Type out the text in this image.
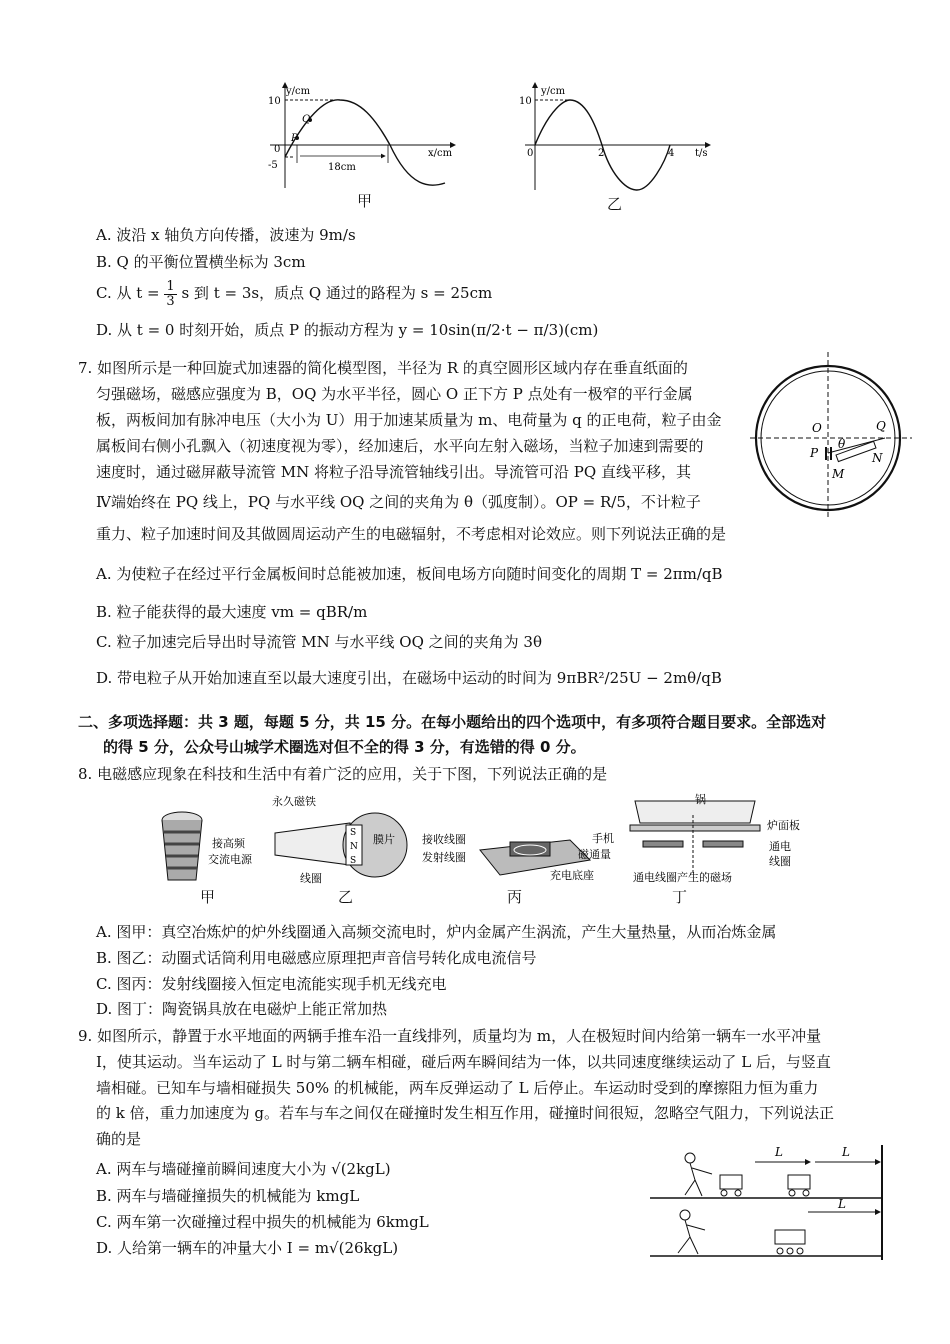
y/cm
x/cm
10
0
-5
P
Q
18cm
甲
y/cm
t/s
10
0	2	4
乙
A. 波沿 x 轴负方向传播，波速为 9m/s
B. Q 的平衡位置横坐标为 3cm
C. 从 $t = \frac{1}{3}$ s 到 t = 3s，质点 Q 通过的路程为 s = 25cm
D. 从 t = 0 时刻开始，质点 P 的振动方程为 y = 10sin(π/2·t − π/3)(cm)
7. 如图所示是一种回旋式加速器的简化模型图，半径为 R 的真空圆形区域内存在垂直纸面的
匀强磁场，磁感应强度为 B，OQ 为水平半径，圆心 O 正下方 P 点处有一极窄的平行金属
板，两板间加有脉冲电压（大小为 U）用于加速某质量为 m、电荷量为 q 的正电荷，粒子由金
属板间右侧小孔飘入（初速度视为零），经加速后，水平向左射入磁场，当粒子加速到需要的
速度时，通过磁屏蔽导流管 MN 将粒子沿导流管轴线引出。导流管可沿 PQ 直线平移，其
Ⅳ端始终在 PQ 线上，PQ 与水平线 OQ 之间的夹角为 θ（弧度制）。OP = R/5，不计粒子
重力、粒子加速时间及其做圆周运动产生的电磁辐射，不考虑相对论效应。则下列说法正确的是
O	Q
P
M
N
θ
A. 为使粒子在经过平行金属板间时总能被加速，板间电场方向随时间变化的周期 T = 2πm/qB
B. 粒子能获得的最大速度 vm = qBR/m
C. 粒子加速完后导出时导流管 MN 与水平线 OQ 之间的夹角为 3θ
D. 带电粒子从开始加速直至以最大速度引出，在磁场中运动的时间为 9πBR²/25U − 2mθ/qB
二、多项选择题：共 3 题，每题 5 分，共 15 分。在每小题给出的四个选项中，有多项符合题目要求。全部选对
的得 5 分，公众号山城学术圈选对但不全的得 3 分，有选错的得 0 分。
8. 电磁感应现象在科技和生活中有着广泛的应用，关于下图，下列说法正确的是
接高频
交流电源
甲
永久磁铁
膜片
线圈
S
N
S
乙
接收线圈
发射线圈
手机
磁通量
充电底座
丙
锅
炉面板
通电
线圈
通电线圈产生的磁场
丁
A. 图甲：真空冶炼炉的炉外线圈通入高频交流电时，炉内金属产生涡流，产生大量热量，从而冶炼金属
B. 图乙：动圈式话筒利用电磁感应原理把声音信号转化成电流信号
C. 图丙：发射线圈接入恒定电流能实现手机无线充电
D. 图丁：陶瓷锅具放在电磁炉上能正常加热
9. 如图所示，静置于水平地面的两辆手推车沿一直线排列，质量均为 m，人在极短时间内给第一辆车一水平冲量
I，使其运动。当车运动了 L 时与第二辆车相碰，碰后两车瞬间结为一体，以共同速度继续运动了 L 后，与竖直
墙相碰。已知车与墙相碰损失 50% 的机械能，两车反弹运动了 L 后停止。车运动时受到的摩擦阻力恒为重力
的 k 倍，重力加速度为 g。若车与车之间仅在碰撞时发生相互作用，碰撞时间很短，忽略空气阻力，下列说法正
确的是
A. 两车与墙碰撞前瞬间速度大小为 √(2kgL)
B. 两车与墙碰撞损失的机械能为 kmgL
C. 两车第一次碰撞过程中损失的机械能为 6kmgL
D. 人给第一辆车的冲量大小 I = m√(26kgL)
L	L
L
